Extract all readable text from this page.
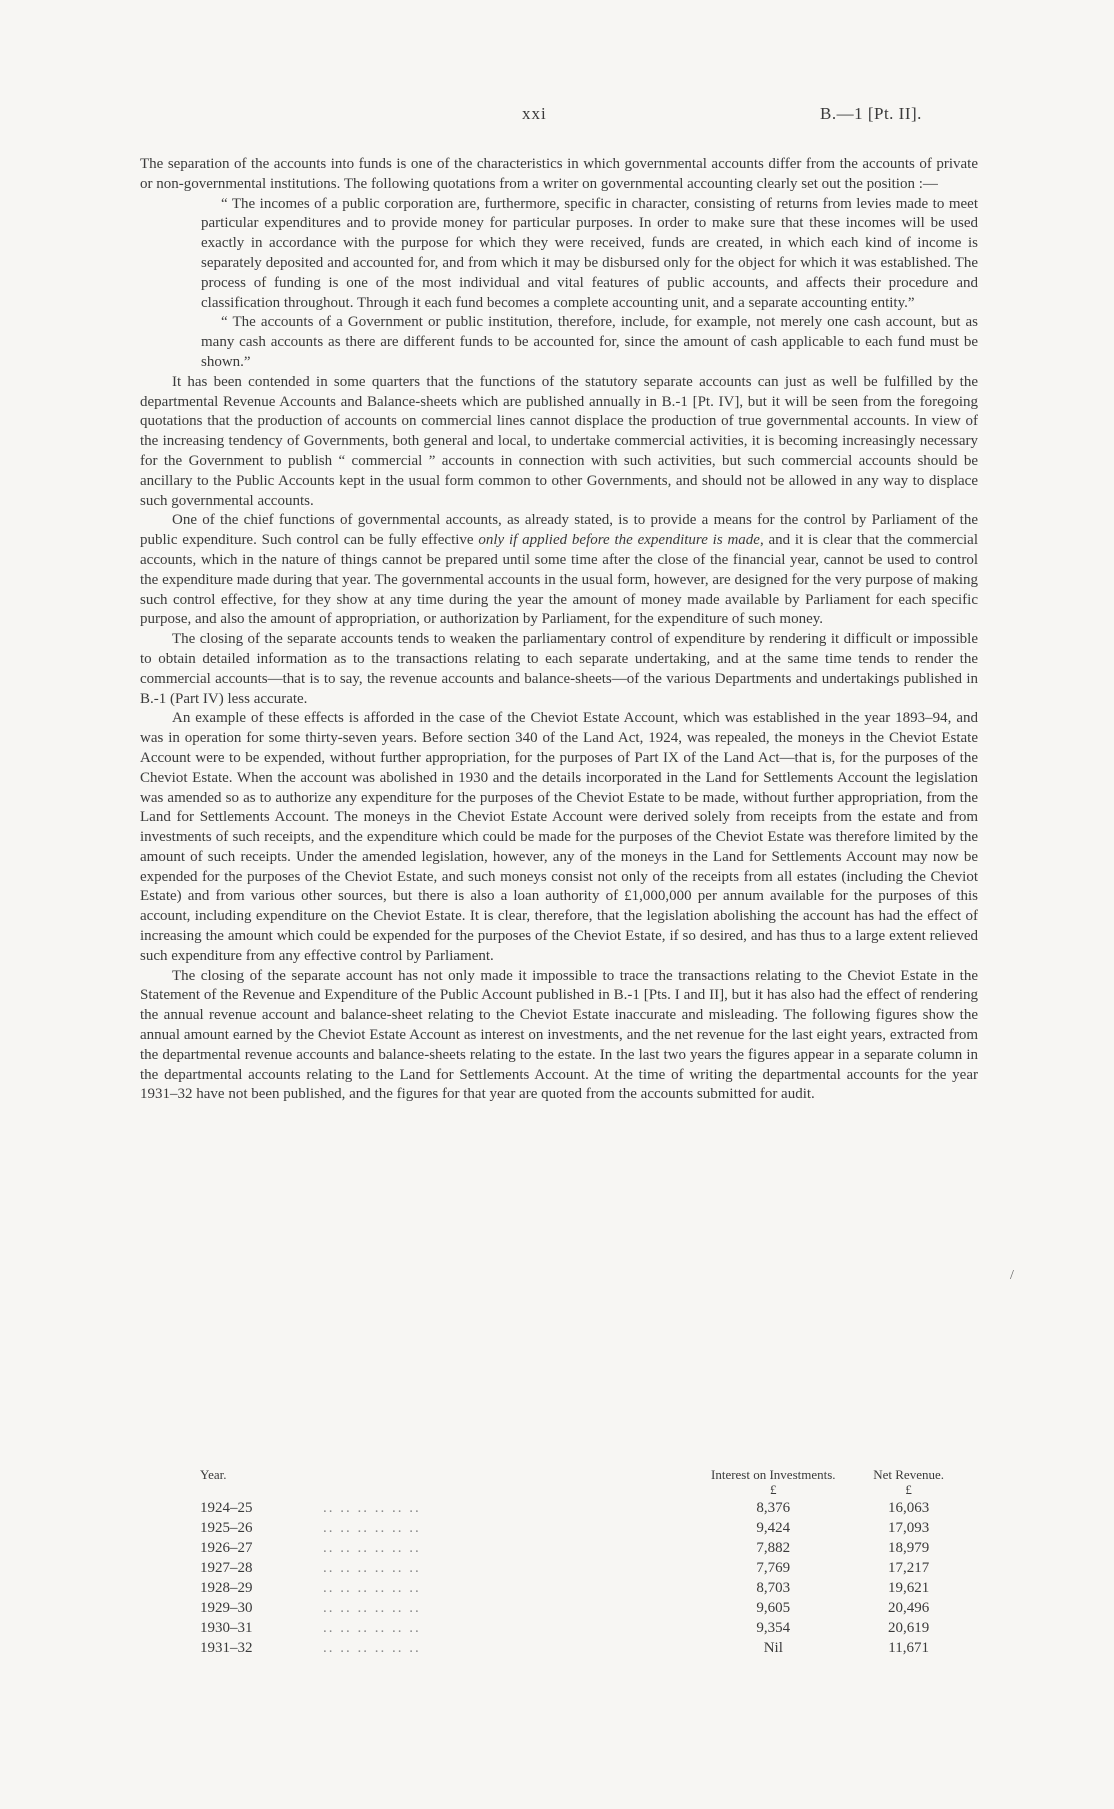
xxi	B.—1 [Pt. II].

The separation of the accounts into funds is one of the characteristics in which governmental accounts differ from the accounts of private or non-governmental institutions. The following quotations from a writer on governmental accounting clearly set out the position :—

“ The incomes of a public corporation are, furthermore, specific in character, consisting of returns from levies made to meet particular expenditures and to provide money for particular purposes. In order to make sure that these incomes will be used exactly in accordance with the purpose for which they were received, funds are created, in which each kind of income is separately deposited and accounted for, and from which it may be disbursed only for the object for which it was established. The process of funding is one of the most individual and vital features of public accounts, and affects their procedure and classification throughout. Through it each fund becomes a complete accounting unit, and a separate accounting entity.”

“ The accounts of a Government or public institution, therefore, include, for example, not merely one cash account, but as many cash accounts as there are different funds to be accounted for, since the amount of cash applicable to each fund must be shown.”

It has been contended in some quarters that the functions of the statutory separate accounts can just as well be fulfilled by the departmental Revenue Accounts and Balance-sheets which are published annually in B.-1 [Pt. IV], but it will be seen from the foregoing quotations that the production of accounts on commercial lines cannot displace the production of true governmental accounts. In view of the increasing tendency of Governments, both general and local, to undertake commercial activities, it is becoming increasingly necessary for the Government to publish “ commercial ” accounts in connection with such activities, but such commercial accounts should be ancillary to the Public Accounts kept in the usual form common to other Governments, and should not be allowed in any way to displace such governmental accounts.

One of the chief functions of governmental accounts, as already stated, is to provide a means for the control by Parliament of the public expenditure. Such control can be fully effective only if applied before the expenditure is made, and it is clear that the commercial accounts, which in the nature of things cannot be prepared until some time after the close of the financial year, cannot be used to control the expenditure made during that year. The governmental accounts in the usual form, however, are designed for the very purpose of making such control effective, for they show at any time during the year the amount of money made available by Parliament for each specific purpose, and also the amount of appropriation, or authorization by Parliament, for the expenditure of such money.

The closing of the separate accounts tends to weaken the parliamentary control of expenditure by rendering it difficult or impossible to obtain detailed information as to the transactions relating to each separate undertaking, and at the same time tends to render the commercial accounts—that is to say, the revenue accounts and balance-sheets—of the various Departments and undertakings published in B.-1 (Part IV) less accurate.

An example of these effects is afforded in the case of the Cheviot Estate Account, which was established in the year 1893–94, and was in operation for some thirty-seven years. Before section 340 of the Land Act, 1924, was repealed, the moneys in the Cheviot Estate Account were to be expended, without further appropriation, for the purposes of Part IX of the Land Act—that is, for the purposes of the Cheviot Estate. When the account was abolished in 1930 and the details incorporated in the Land for Settlements Account the legislation was amended so as to authorize any expenditure for the purposes of the Cheviot Estate to be made, without further appropriation, from the Land for Settlements Account. The moneys in the Cheviot Estate Account were derived solely from receipts from the estate and from investments of such receipts, and the expenditure which could be made for the purposes of the Cheviot Estate was therefore limited by the amount of such receipts. Under the amended legislation, however, any of the moneys in the Land for Settlements Account may now be expended for the purposes of the Cheviot Estate, and such moneys consist not only of the receipts from all estates (including the Cheviot Estate) and from various other sources, but there is also a loan authority of £1,000,000 per annum available for the purposes of this account, including expenditure on the Cheviot Estate. It is clear, therefore, that the legislation abolishing the account has had the effect of increasing the amount which could be expended for the purposes of the Cheviot Estate, if so desired, and has thus to a large extent relieved such expenditure from any effective control by Parliament.

The closing of the separate account has not only made it impossible to trace the transactions relating to the Cheviot Estate in the Statement of the Revenue and Expenditure of the Public Account published in B.-1 [Pts. I and II], but it has also had the effect of rendering the annual revenue account and balance-sheet relating to the Cheviot Estate inaccurate and misleading. The following figures show the annual amount earned by the Cheviot Estate Account as interest on investments, and the net revenue for the last eight years, extracted from the departmental revenue accounts and balance-sheets relating to the estate. In the last two years the figures appear in a separate column in the departmental accounts relating to the Land for Settlements Account. At the time of writing the departmental accounts for the year 1931–32 have not been published, and the figures for that year are quoted from the accounts submitted for audit.

/
Year.		Interest on Investments.	Net Revenue.
		£	£
1924–25	.. .. .. .. .. ..	8,376	16,063
1925–26	.. .. .. .. .. ..	9,424	17,093
1926–27	.. .. .. .. .. ..	7,882	18,979
1927–28	.. .. .. .. .. ..	7,769	17,217
1928–29	.. .. .. .. .. ..	8,703	19,621
1929–30	.. .. .. .. .. ..	9,605	20,496
1930–31	.. .. .. .. .. ..	9,354	20,619
1931–32	.. .. .. .. .. ..	Nil	11,671
